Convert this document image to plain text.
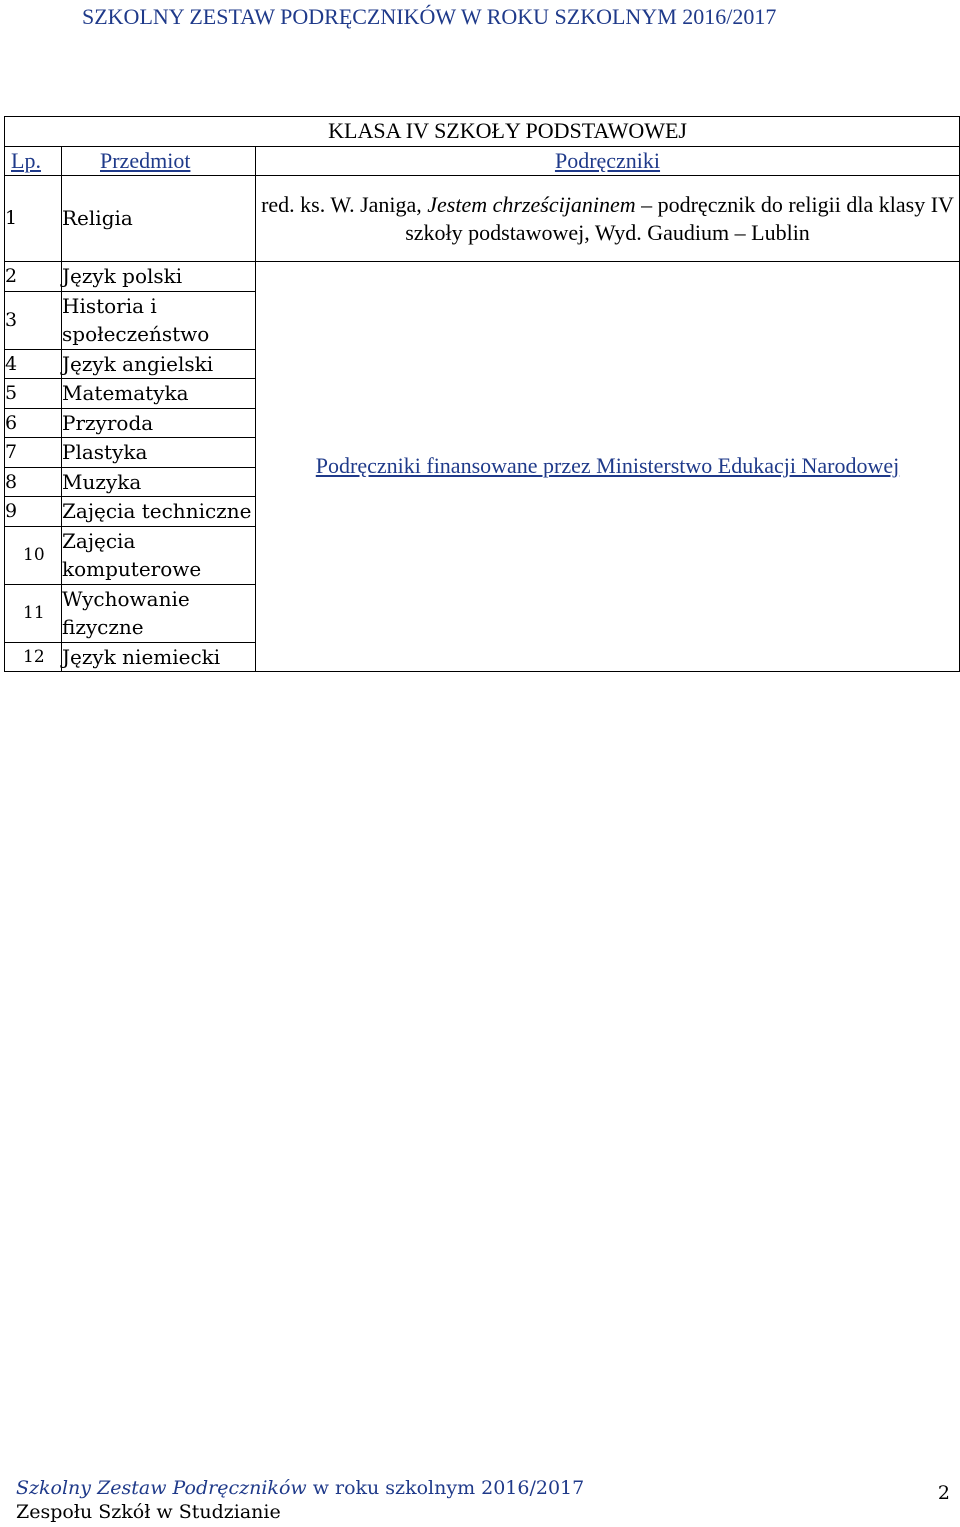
SZKOLNY ZESTAW PODRĘCZNIKÓW W ROKU SZKOLNYM 2016/2017
KLASA IV SZKOŁY PODSTAWOWEJ		
Lp.	Przedmiot	Podręczniki
1	Religia	red. ks. W. Janiga, Jestem chrześcijaninem – podręcznik do religii dla klasy IV szkoły podstawowej, Wyd. Gaudium – Lublin
2	Język polski	Podręczniki finansowane przez Ministerstwo Edukacji Narodowej
3	Historia i społeczeństwo	
4	Język angielski	
5	Matematyka	
6	Przyroda	
7	Plastyka	
8	Muzyka	
9	Zajęcia techniczne	
10	Zajęcia komputerowe	
11	Wychowanie fizyczne	
12	Język niemiecki	
Szkolny Zestaw Podręczników w roku szkolnym 2016/2017
Zespołu Szkół w Studzianie
2
